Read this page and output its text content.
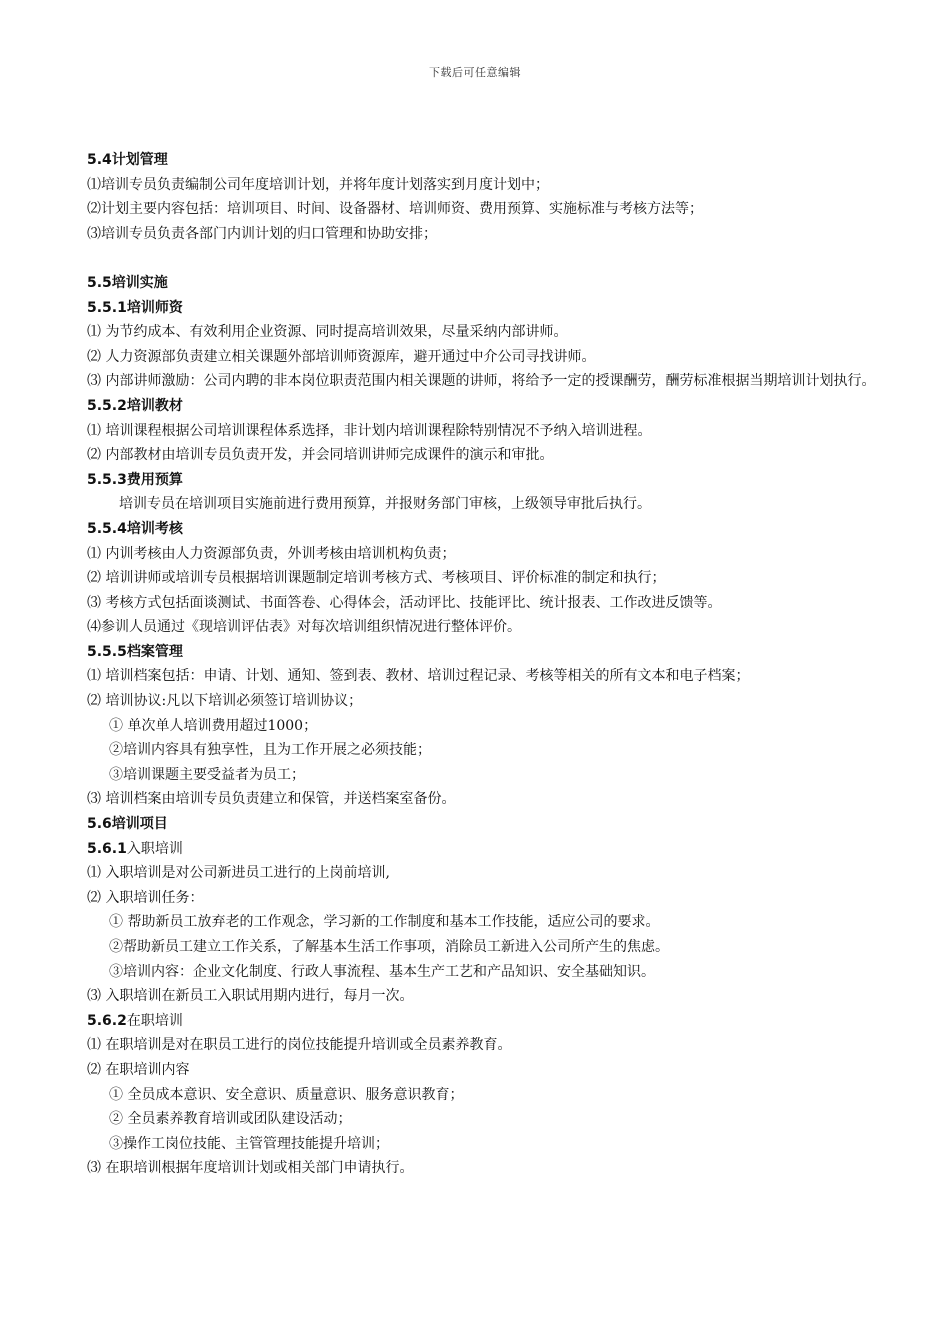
下载后可任意编辑
5.4计划管理
⑴培训专员负责编制公司年度培训计划，并将年度计划落实到月度计划中；
⑵计划主要内容包括：培训项目、时间、设备器材、培训师资、费用预算、实施标准与考核方法等；
⑶培训专员负责各部门内训计划的归口管理和协助安排；
5.5培训实施
5.5.1培训师资
⑴ 为节约成本、有效利用企业资源、同时提高培训效果，尽量采纳内部讲师。
⑵ 人力资源部负责建立相关课题外部培训师资源库，避开通过中介公司寻找讲师。
⑶ 内部讲师激励：公司内聘的非本岗位职责范围内相关课题的讲师，将给予一定的授课酬劳，酬劳标准根据当期培训计划执行。
5.5.2培训教材
⑴ 培训课程根据公司培训课程体系选择，非计划内培训课程除特别情况不予纳入培训进程。
⑵ 内部教材由培训专员负责开发，并会同培训讲师完成课件的演示和审批。
5.5.3费用预算
培训专员在培训项目实施前进行费用预算，并报财务部门审核，上级领导审批后执行。
5.5.4培训考核
⑴ 内训考核由人力资源部负责，外训考核由培训机构负责；
⑵ 培训讲师或培训专员根据培训课题制定培训考核方式、考核项目、评价标准的制定和执行；
⑶ 考核方式包括面谈测试、书面答卷、心得体会，活动评比、技能评比、统计报表、工作改进反馈等。
⑷参训人员通过《现培训评估表》对每次培训组织情况进行整体评价。
5.5.5档案管理
⑴ 培训档案包括：申请、计划、通知、签到表、教材、培训过程记录、考核等相关的所有文本和电子档案；
⑵ 培训协议:凡以下培训必须签订培训协议；
① 单次单人培训费用超过1000；
②培训内容具有独享性，且为工作开展之必须技能；
③培训课题主要受益者为员工；
⑶ 培训档案由培训专员负责建立和保管，并送档案室备份。
5.6培训项目
5.6.1入职培训
⑴ 入职培训是对公司新进员工进行的上岗前培训,
⑵ 入职培训任务：
① 帮助新员工放弃老的工作观念，学习新的工作制度和基本工作技能，适应公司的要求。
②帮助新员工建立工作关系，了解基本生活工作事项，消除员工新进入公司所产生的焦虑。
③培训内容：企业文化制度、行政人事流程、基本生产工艺和产品知识、安全基础知识。
⑶ 入职培训在新员工入职试用期内进行，每月一次。
5.6.2在职培训
⑴ 在职培训是对在职员工进行的岗位技能提升培训或全员素养教育。
⑵ 在职培训内容
① 全员成本意识、安全意识、质量意识、服务意识教育；
② 全员素养教育培训或团队建设活动；
③操作工岗位技能、主管管理技能提升培训；
⑶ 在职培训根据年度培训计划或相关部门申请执行。
